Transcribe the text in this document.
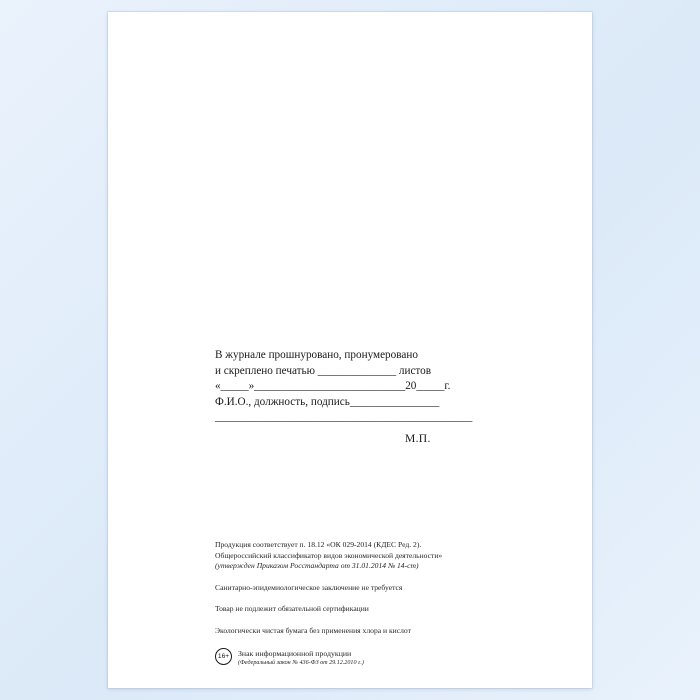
В журнале прошнуровано, пронумеровано
и скреплено печатью ______________ листов
«_____»___________________________20_____г.
Ф.И.О., должность, подпись________________
______________________________________________
М.П.

Продукция соответствует п. 18.12 «ОК 029-2014 (КДЕС Ред. 2).

Общероссийский классификатор видов экономической деятельности»

(утвержден Приказом Росстандарта от 31.01.2014 № 14-ст)

Санитарно-эпидемиологическое заключение не требуется

Товар не подлежит обязательной сертификации

Экологически чистая бумага без применения хлора и кислот

16+	Знак информационной продукции
(Федеральный закон № 436-ФЗ от 29.12.2010 г.)
